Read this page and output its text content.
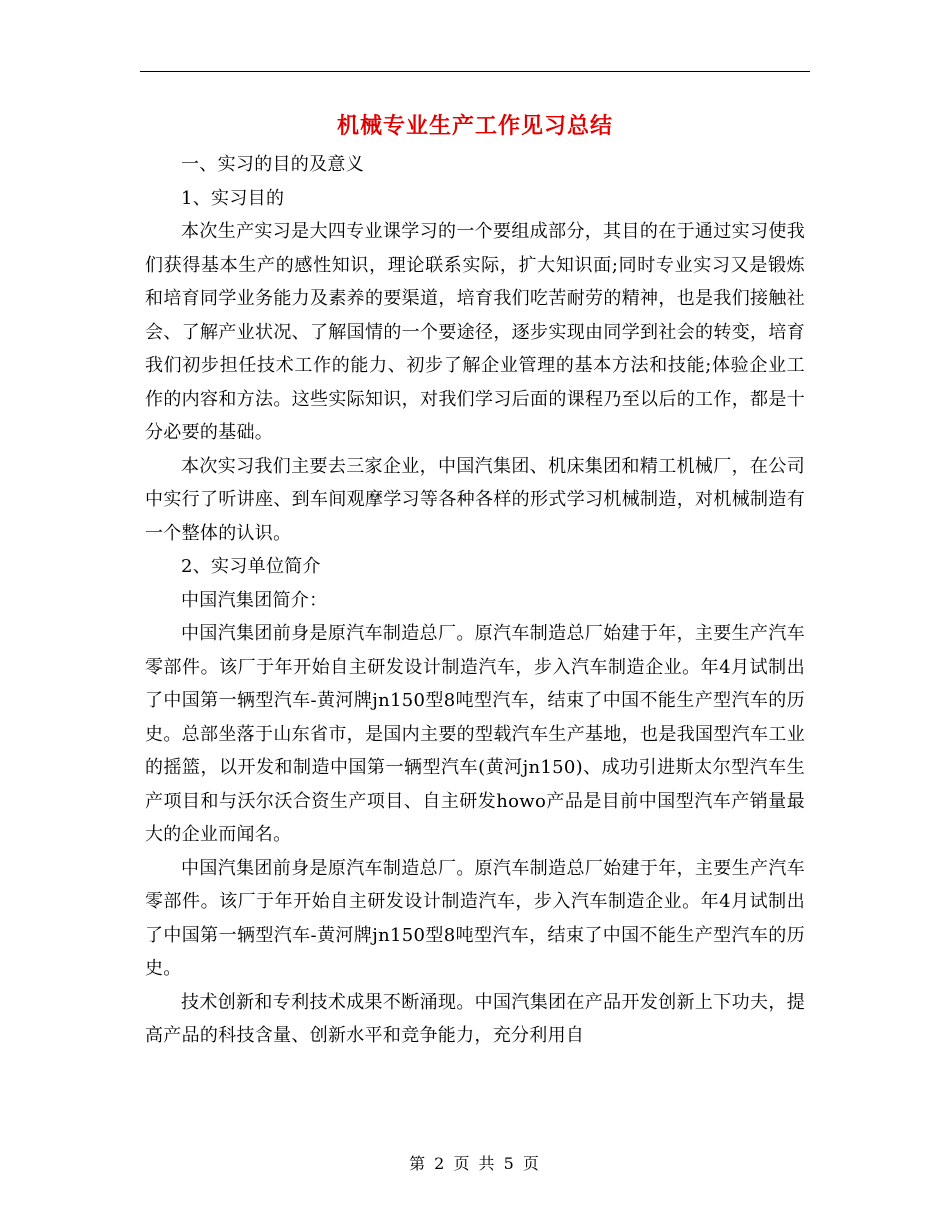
机械专业生产工作见习总结

一、实习的目的及意义

1、实习目的

本次生产实习是大四专业课学习的一个要组成部分，其目的在于通过实习使我们获得基本生产的感性知识，理论联系实际，扩大知识面;同时专业实习又是锻炼和培育同学业务能力及素养的要渠道，培育我们吃苦耐劳的精神，也是我们接触社会、了解产业状况、了解国情的一个要途径，逐步实现由同学到社会的转变，培育我们初步担任技术工作的能力、初步了解企业管理的基本方法和技能;体验企业工作的内容和方法。这些实际知识，对我们学习后面的课程乃至以后的工作，都是十分必要的基础。

本次实习我们主要去三家企业，中国汽集团、机床集团和精工机械厂，在公司中实行了听讲座、到车间观摩学习等各种各样的形式学习机械制造，对机械制造有一个整体的认识。

2、实习单位简介

中国汽集团简介：

中国汽集团前身是原汽车制造总厂。原汽车制造总厂始建于年，主要生产汽车零部件。该厂于年开始自主研发设计制造汽车，步入汽车制造企业。年4月试制出了中国第一辆型汽车-黄河牌jn150型8吨型汽车，结束了中国不能生产型汽车的历史。总部坐落于山东省市，是国内主要的型载汽车生产基地，也是我国型汽车工业的摇篮，以开发和制造中国第一辆型汽车(黄河jn150)、成功引进斯太尔型汽车生产项目和与沃尔沃合资生产项目、自主研发howo产品是目前中国型汽车产销量最大的企业而闻名。

中国汽集团前身是原汽车制造总厂。原汽车制造总厂始建于年，主要生产汽车零部件。该厂于年开始自主研发设计制造汽车，步入汽车制造企业。年4月试制出了中国第一辆型汽车-黄河牌jn150型8吨型汽车，结束了中国不能生产型汽车的历史。

技术创新和专利技术成果不断涌现。中国汽集团在产品开发创新上下功夫，提高产品的科技含量、创新水平和竞争能力，充分利用自

第 2 页 共 5 页
